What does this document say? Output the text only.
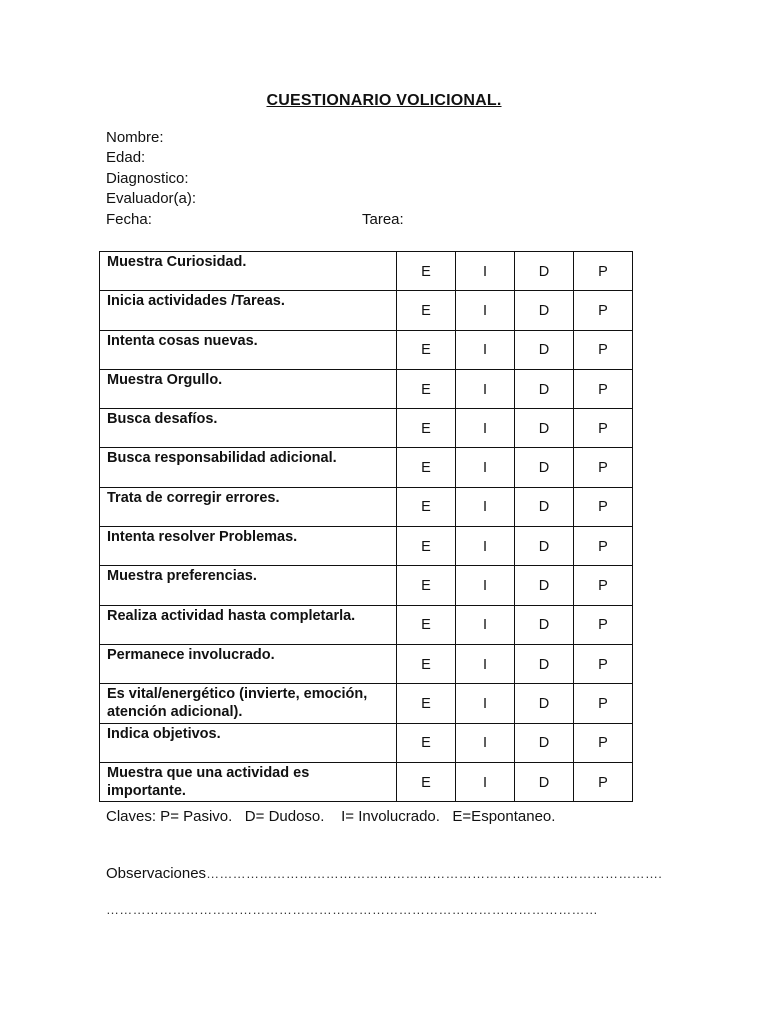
CUESTIONARIO VOLICIONAL.
Nombre:
Edad:
Diagnostico:
Evaluador(a):
Fecha:	Tarea:
Muestra Curiosidad.	E	I	D	P
Inicia actividades /Tareas.	E	I	D	P
Intenta cosas nuevas.	E	I	D	P
Muestra Orgullo.	E	I	D	P
Busca desafíos.	E	I	D	P
Busca responsabilidad adicional.	E	I	D	P
Trata de corregir errores.	E	I	D	P
Intenta resolver Problemas.	E	I	D	P
Muestra preferencias.	E	I	D	P
Realiza actividad hasta completarla.	E	I	D	P
Permanece involucrado.	E	I	D	P
Es vital/energético (invierte, emoción, atención adicional).	E	I	D	P
Indica objetivos.	E	I	D	P
Muestra que una actividad es importante.	E	I	D	P
Claves: P= Pasivo.   D= Dudoso.    I= Involucrado.   E=Espontaneo.
Observaciones………………………………………………………………………………………….
…………………………………………………………………………………………………
